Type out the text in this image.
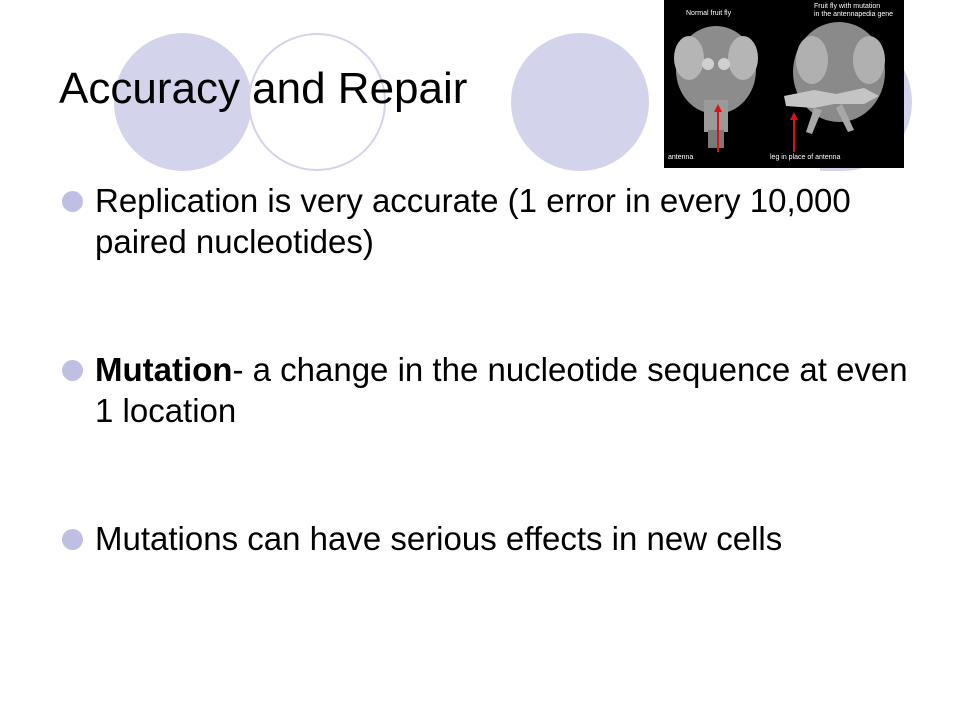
Accuracy and Repair
Normal fruit fly
Fruit fly with mutation
in the antennapedia gene
antenna	leg in place of antenna
Replication is very accurate (1 error in every 10,000 paired nucleotides)
Mutation- a change in the nucleotide sequence at even 1 location
Mutations can have serious effects in new cells
